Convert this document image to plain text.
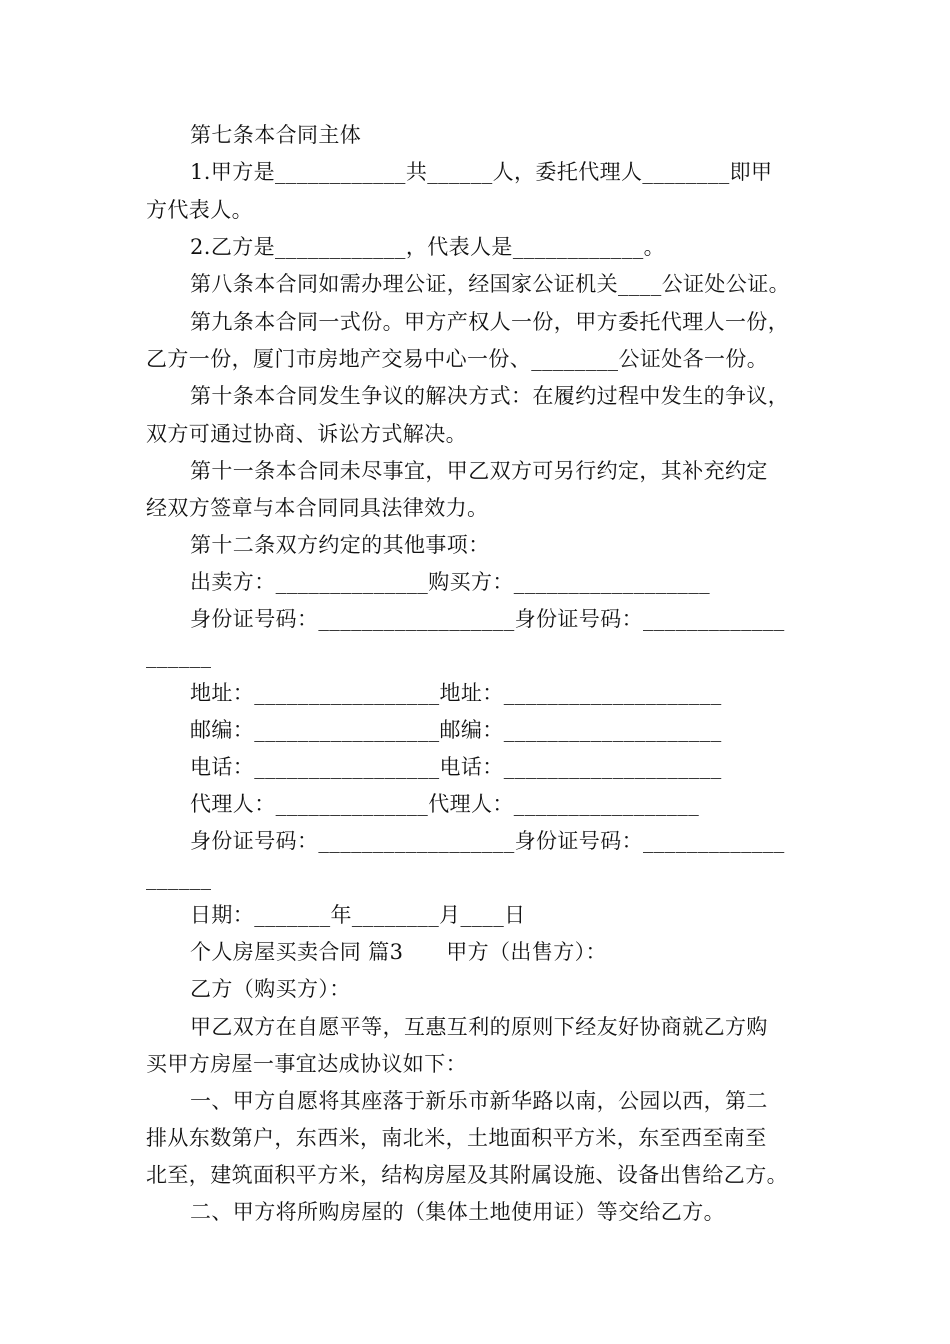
第七条本合同主体
1.甲方是____________共______人，委托代理人________即甲
方代表人。
2.乙方是____________，代表人是____________。
第八条本合同如需办理公证，经国家公证机关____公证处公证。
第九条本合同一式份。甲方产权人一份，甲方委托代理人一份，
乙方一份，厦门市房地产交易中心一份、________公证处各一份。
第十条本合同发生争议的解决方式：在履约过程中发生的争议，
双方可通过协商、诉讼方式解决。
第十一条本合同未尽事宜，甲乙双方可另行约定，其补充约定
经双方签章与本合同同具法律效力。
第十二条双方约定的其他事项：
出卖方：______________购买方：__________________
身份证号码：__________________身份证号码：_____________
______
地址：_________________地址：____________________
邮编：_________________邮编：____________________
电话：_________________电话：____________________
代理人：______________代理人：_________________
身份证号码：__________________身份证号码：_____________
______
日期：_______年________月____日
个人房屋买卖合同 篇3　　甲方（出售方）：
乙方（购买方）：
甲乙双方在自愿平等，互惠互利的原则下经友好协商就乙方购
买甲方房屋一事宜达成协议如下：
一、甲方自愿将其座落于新乐市新华路以南，公园以西，第二
排从东数第户，东西米，南北米，土地面积平方米，东至西至南至
北至，建筑面积平方米，结构房屋及其附属设施、设备出售给乙方。
二、甲方将所购房屋的（集体土地使用证）等交给乙方。
